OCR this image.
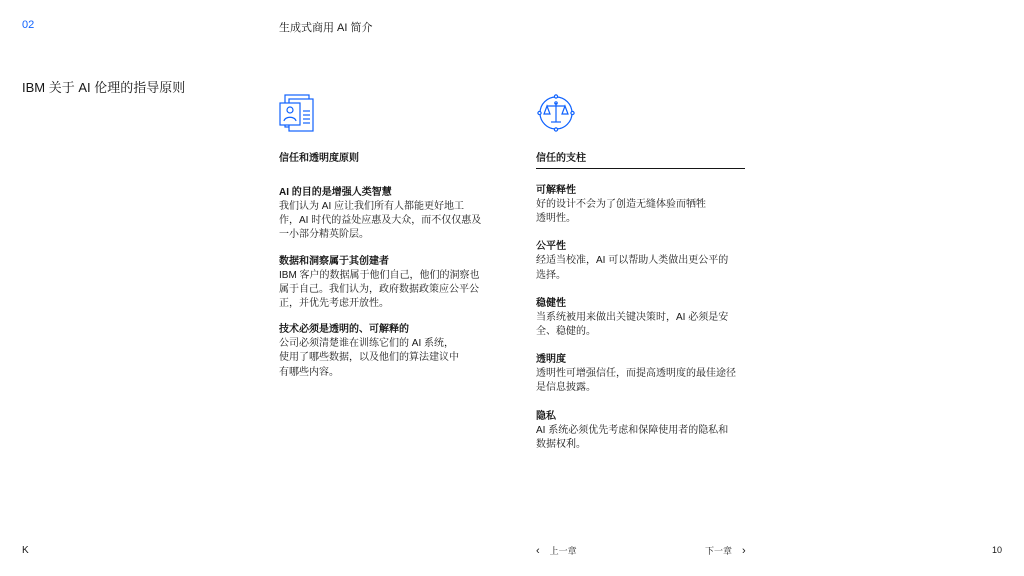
02	生成式商用 AI 简介
IBM 关于 AI 伦理的指导原则
信任和透明度原则
AI 的目的是增强人类智慧

我们认为 AI 应让我们所有人都能更好地工

作，AI 时代的益处应惠及大众，而不仅仅惠及

一小部分精英阶层。

数据和洞察属于其创建者

IBM 客户的数据属于他们自己，他们的洞察也

属于自己。我们认为，政府数据政策应公平公

正，并优先考虑开放性。

技术必须是透明的、可解释的

公司必须清楚谁在训练它们的 AI 系统，

使用了哪些数据，以及他们的算法建议中

有哪些内容。

信任的支柱
可解释性

好的设计不会为了创造无缝体验而牺牲

透明性。

公平性

经适当校准，AI 可以帮助人类做出更公平的

选择。

稳健性

当系统被用来做出关键决策时，AI 必须是安

全、稳健的。

透明度

透明性可增强信任，而提高透明度的最佳途径

是信息披露。

隐私

AI 系统必须优先考虑和保障使用者的隐私和

数据权利。

K	‹ 上一章	下一章 ›	10
